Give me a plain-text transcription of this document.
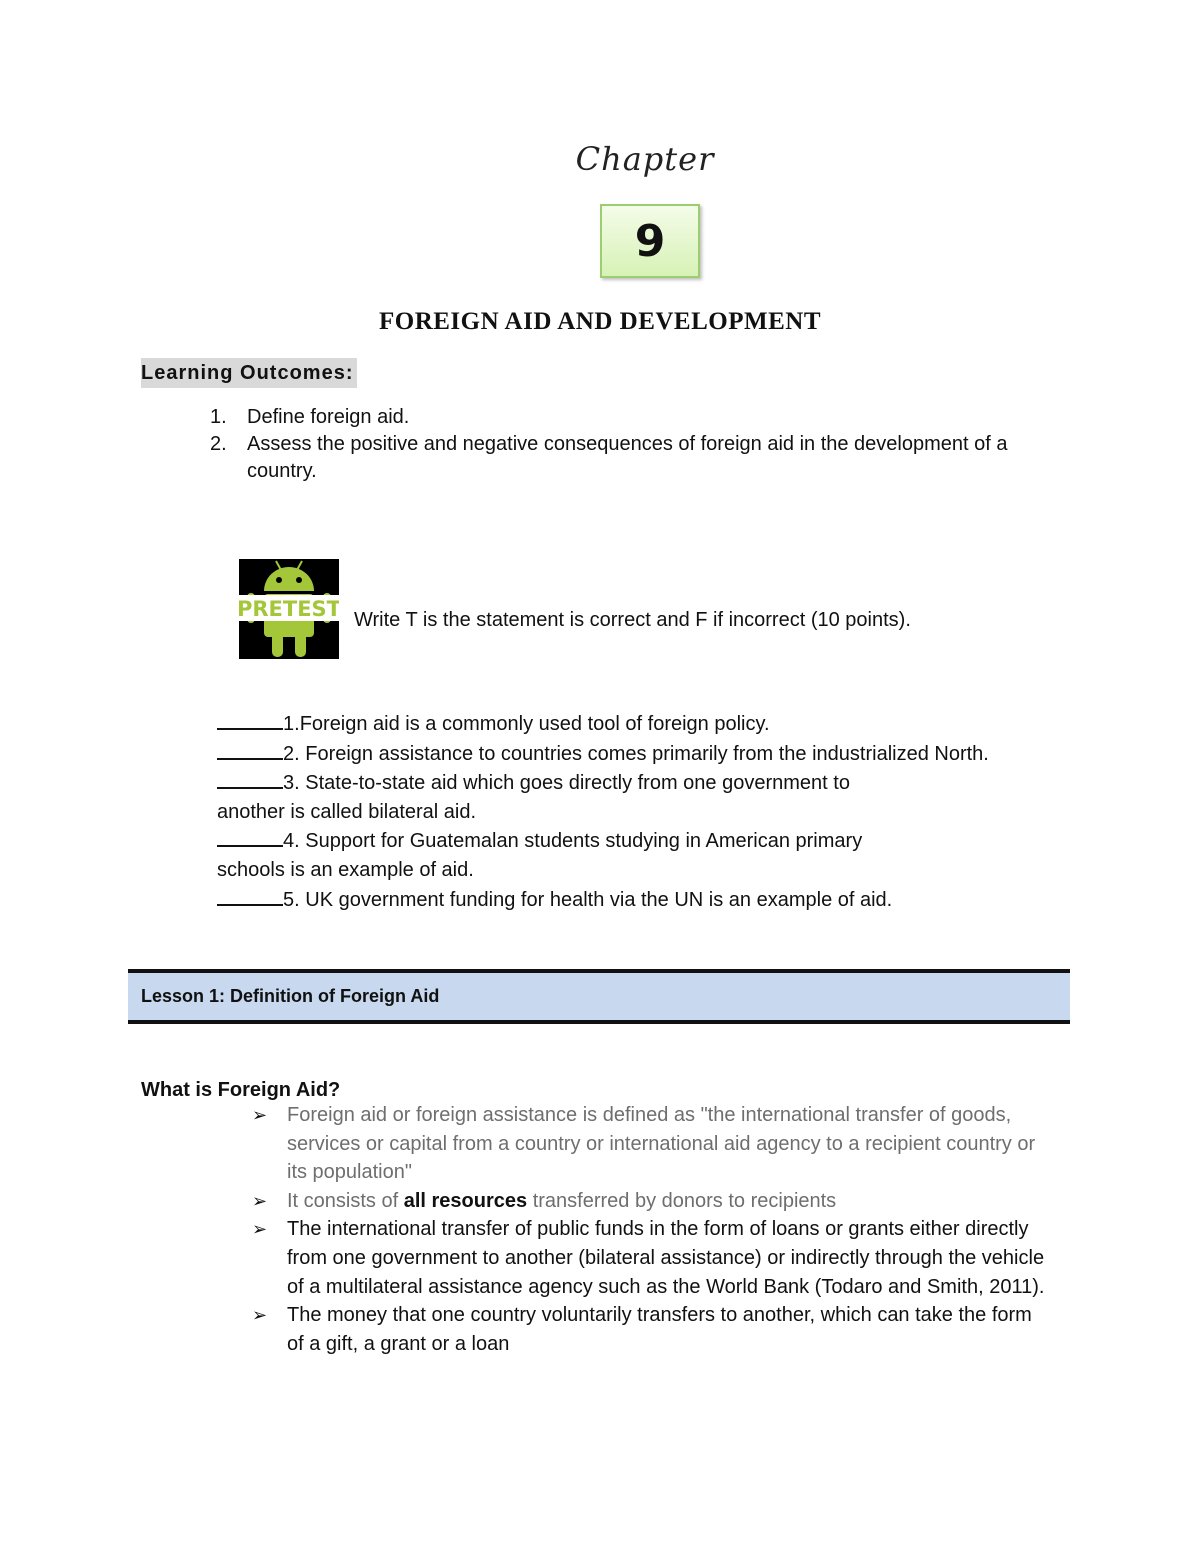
Chapter
9
FOREIGN AID AND DEVELOPMENT
Learning Outcomes:
1.	Define foreign aid.
2.	Assess the positive and negative consequences of foreign aid in the development of a country.
PRETEST Write T is the statement is correct and F if incorrect (10 points).
1.Foreign aid is a commonly used tool of foreign policy.
2. Foreign assistance to countries comes primarily from the industrialized North.
3. State-to-state aid which goes directly from one government to another is called bilateral aid.
4. Support for Guatemalan students studying in American primary schools is an example of aid.
5. UK government funding for health via the UN is an example of aid.
Lesson 1: Definition of Foreign Aid
What is Foreign Aid?
➢ Foreign aid or foreign assistance is defined as "the international transfer of goods, services or capital from a country or international aid agency to a recipient country or its population"
➢ It consists of all resources transferred by donors to recipients
➢ The international transfer of public funds in the form of loans or grants either directly from one government to another (bilateral assistance) or indirectly through the vehicle of a multilateral assistance agency such as the World Bank (Todaro and Smith, 2011).
➢ The money that one country voluntarily transfers to another, which can take the form of a gift, a grant or a loan
